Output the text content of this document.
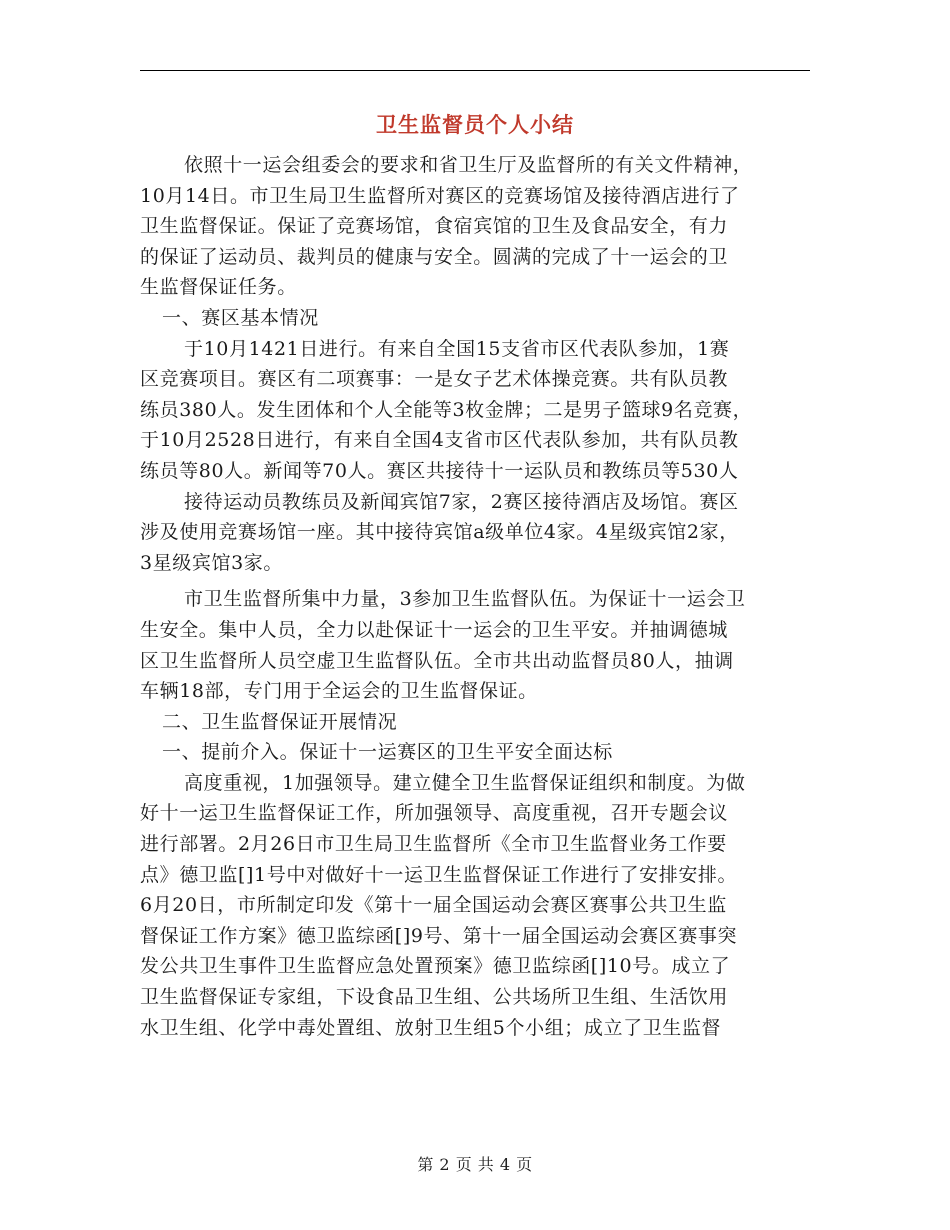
卫生监督员个人小结
依照十一运会组委会的要求和省卫生厅及监督所的有关文件精神，
10月14日。市卫生局卫生监督所对赛区的竞赛场馆及接待酒店进行了
卫生监督保证。保证了竞赛场馆，食宿宾馆的卫生及食品安全，有力
的保证了运动员、裁判员的健康与安全。圆满的完成了十一运会的卫
生监督保证任务。
一、赛区基本情况
于10月1421日进行。有来自全国15支省市区代表队参加，1赛
区竞赛项目。赛区有二项赛事：一是女子艺术体操竞赛。共有队员教
练员380人。发生团体和个人全能等3枚金牌；二是男子篮球9名竞赛，
于10月2528日进行，有来自全国4支省市区代表队参加，共有队员教
练员等80人。新闻等70人。赛区共接待十一运队员和教练员等530人
接待运动员教练员及新闻宾馆7家，2赛区接待酒店及场馆。赛区
涉及使用竞赛场馆一座。其中接待宾馆a级单位4家。4星级宾馆2家，
3星级宾馆3家。
市卫生监督所集中力量，3参加卫生监督队伍。为保证十一运会卫
生安全。集中人员，全力以赴保证十一运会的卫生平安。并抽调德城
区卫生监督所人员空虚卫生监督队伍。全市共出动监督员80人，抽调
车辆18部，专门用于全运会的卫生监督保证。
二、卫生监督保证开展情况
一、提前介入。保证十一运赛区的卫生平安全面达标
高度重视，1加强领导。建立健全卫生监督保证组织和制度。为做
好十一运卫生监督保证工作，所加强领导、高度重视，召开专题会议
进行部署。2月26日市卫生局卫生监督所《全市卫生监督业务工作要
点》德卫监[]1号中对做好十一运卫生监督保证工作进行了安排安排。
6月20日，市所制定印发《第十一届全国运动会赛区赛事公共卫生监
督保证工作方案》德卫监综函[]9号、第十一届全国运动会赛区赛事突
发公共卫生事件卫生监督应急处置预案》德卫监综函[]10号。成立了
卫生监督保证专家组，下设食品卫生组、公共场所卫生组、生活饮用
水卫生组、化学中毒处置组、放射卫生组5个小组；成立了卫生监督
第 2 页 共 4 页
